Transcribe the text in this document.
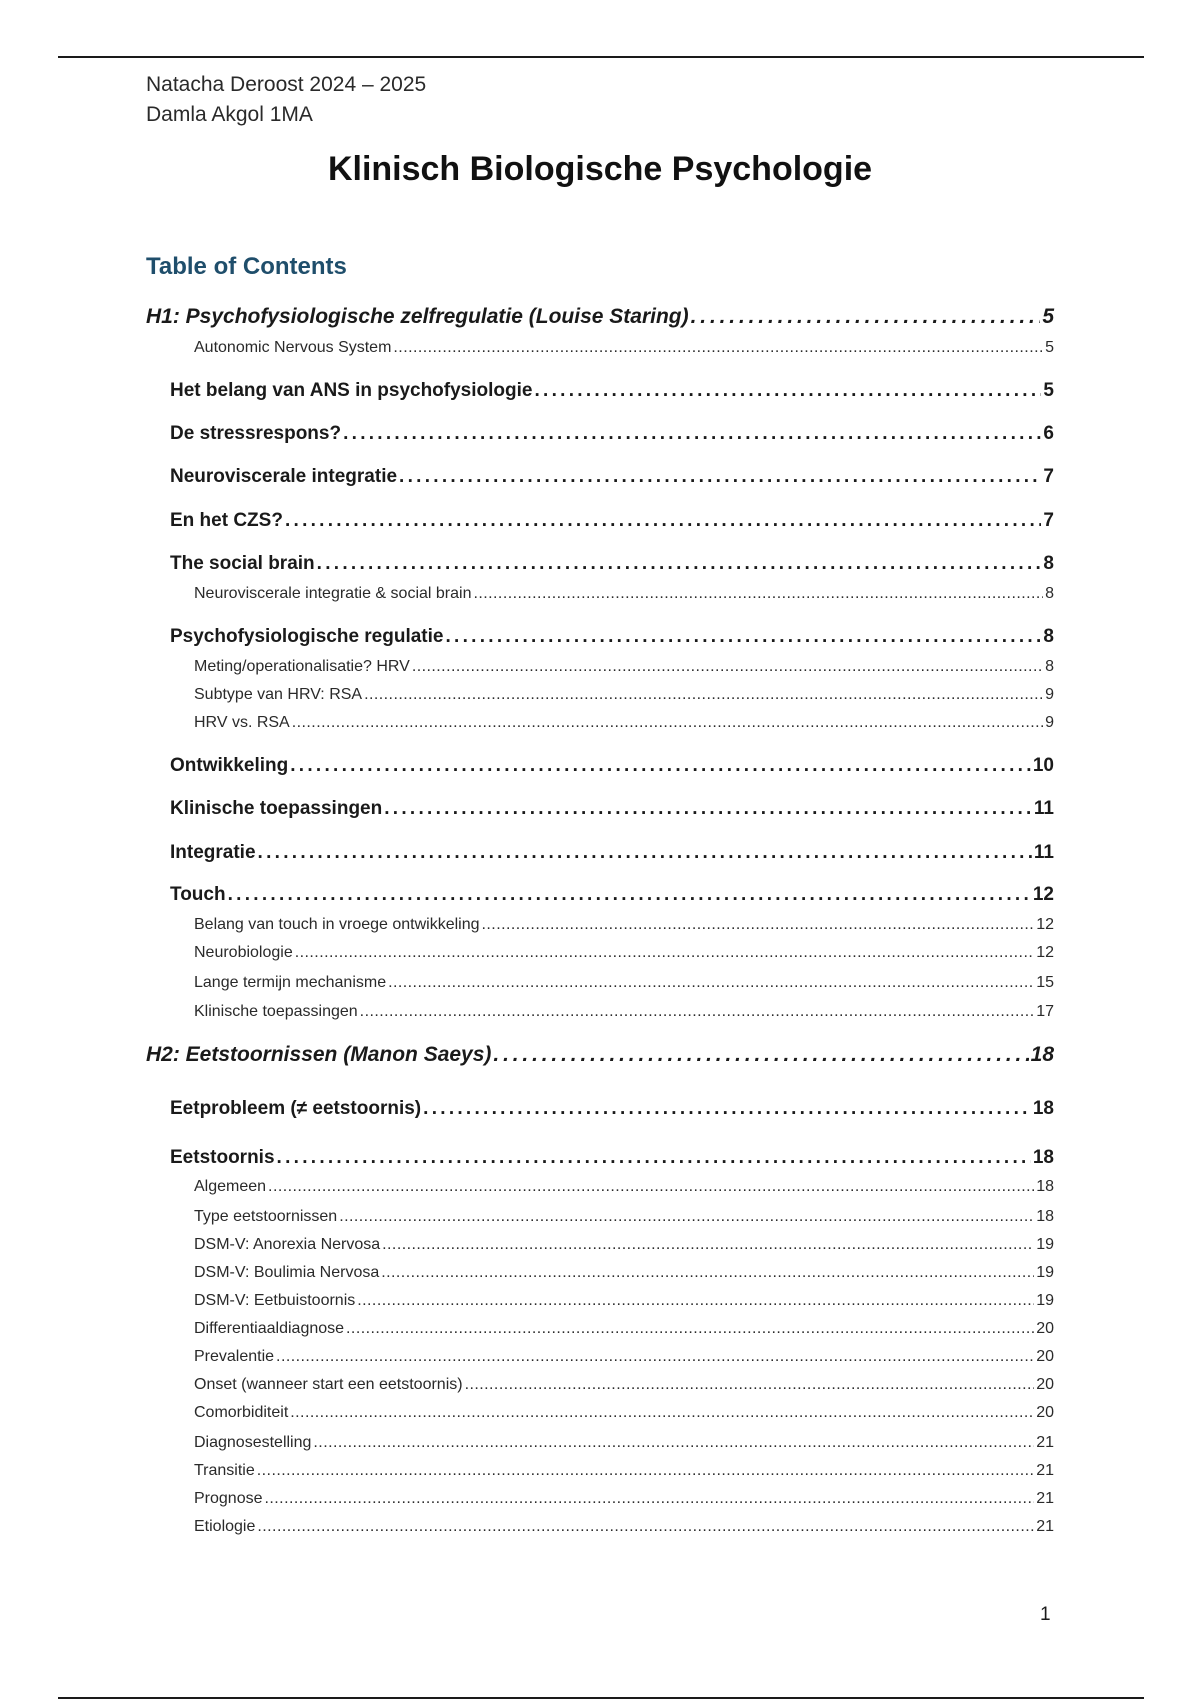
Natacha Deroost 2024 – 2025
Damla Akgol 1MA
Klinisch Biologische Psychologie
Table of Contents
H1: Psychofysiologische zelfregulatie (Louise Staring) . . .	5
Autonomic Nervous System . . .	5
Het belang van ANS in psychofysiologie . . .	5
De stressrespons? . . .	6
Neuroviscerale integratie . . .	7
En het CZS? . . .	7
The social brain . . .	8
Neuroviscerale integratie & social brain . . .	8
Psychofysiologische regulatie . . .	8
Meting/operationalisatie? HRV . . .	8
Subtype van HRV: RSA . . .	9
HRV vs. RSA . . .	9
Ontwikkeling . . .	10
Klinische toepassingen . . .	11
Integratie . . .	11
Touch . . .	12
Belang van touch in vroege ontwikkeling . . .	12
Neurobiologie . . .	12
Lange termijn mechanisme . . .	15
Klinische toepassingen . . .	17
H2: Eetstoornissen (Manon Saeys) . . .	18
Eetprobleem (≠ eetstoornis) . . .	18
Eetstoornis . . .	18
Algemeen . . .	18
Type eetstoornissen . . .	18
DSM-V: Anorexia Nervosa . . .	19
DSM-V: Boulimia Nervosa . . .	19
DSM-V: Eetbuistoornis . . .	19
Differentiaaldiagnose . . .	20
Prevalentie . . .	20
Onset (wanneer start een eetstoornis) . . .	20
Comorbiditeit . . .	20
Diagnosestelling . . .	21
Transitie . . .	21
Prognose . . .	21
Etiologie . . .	21
1
